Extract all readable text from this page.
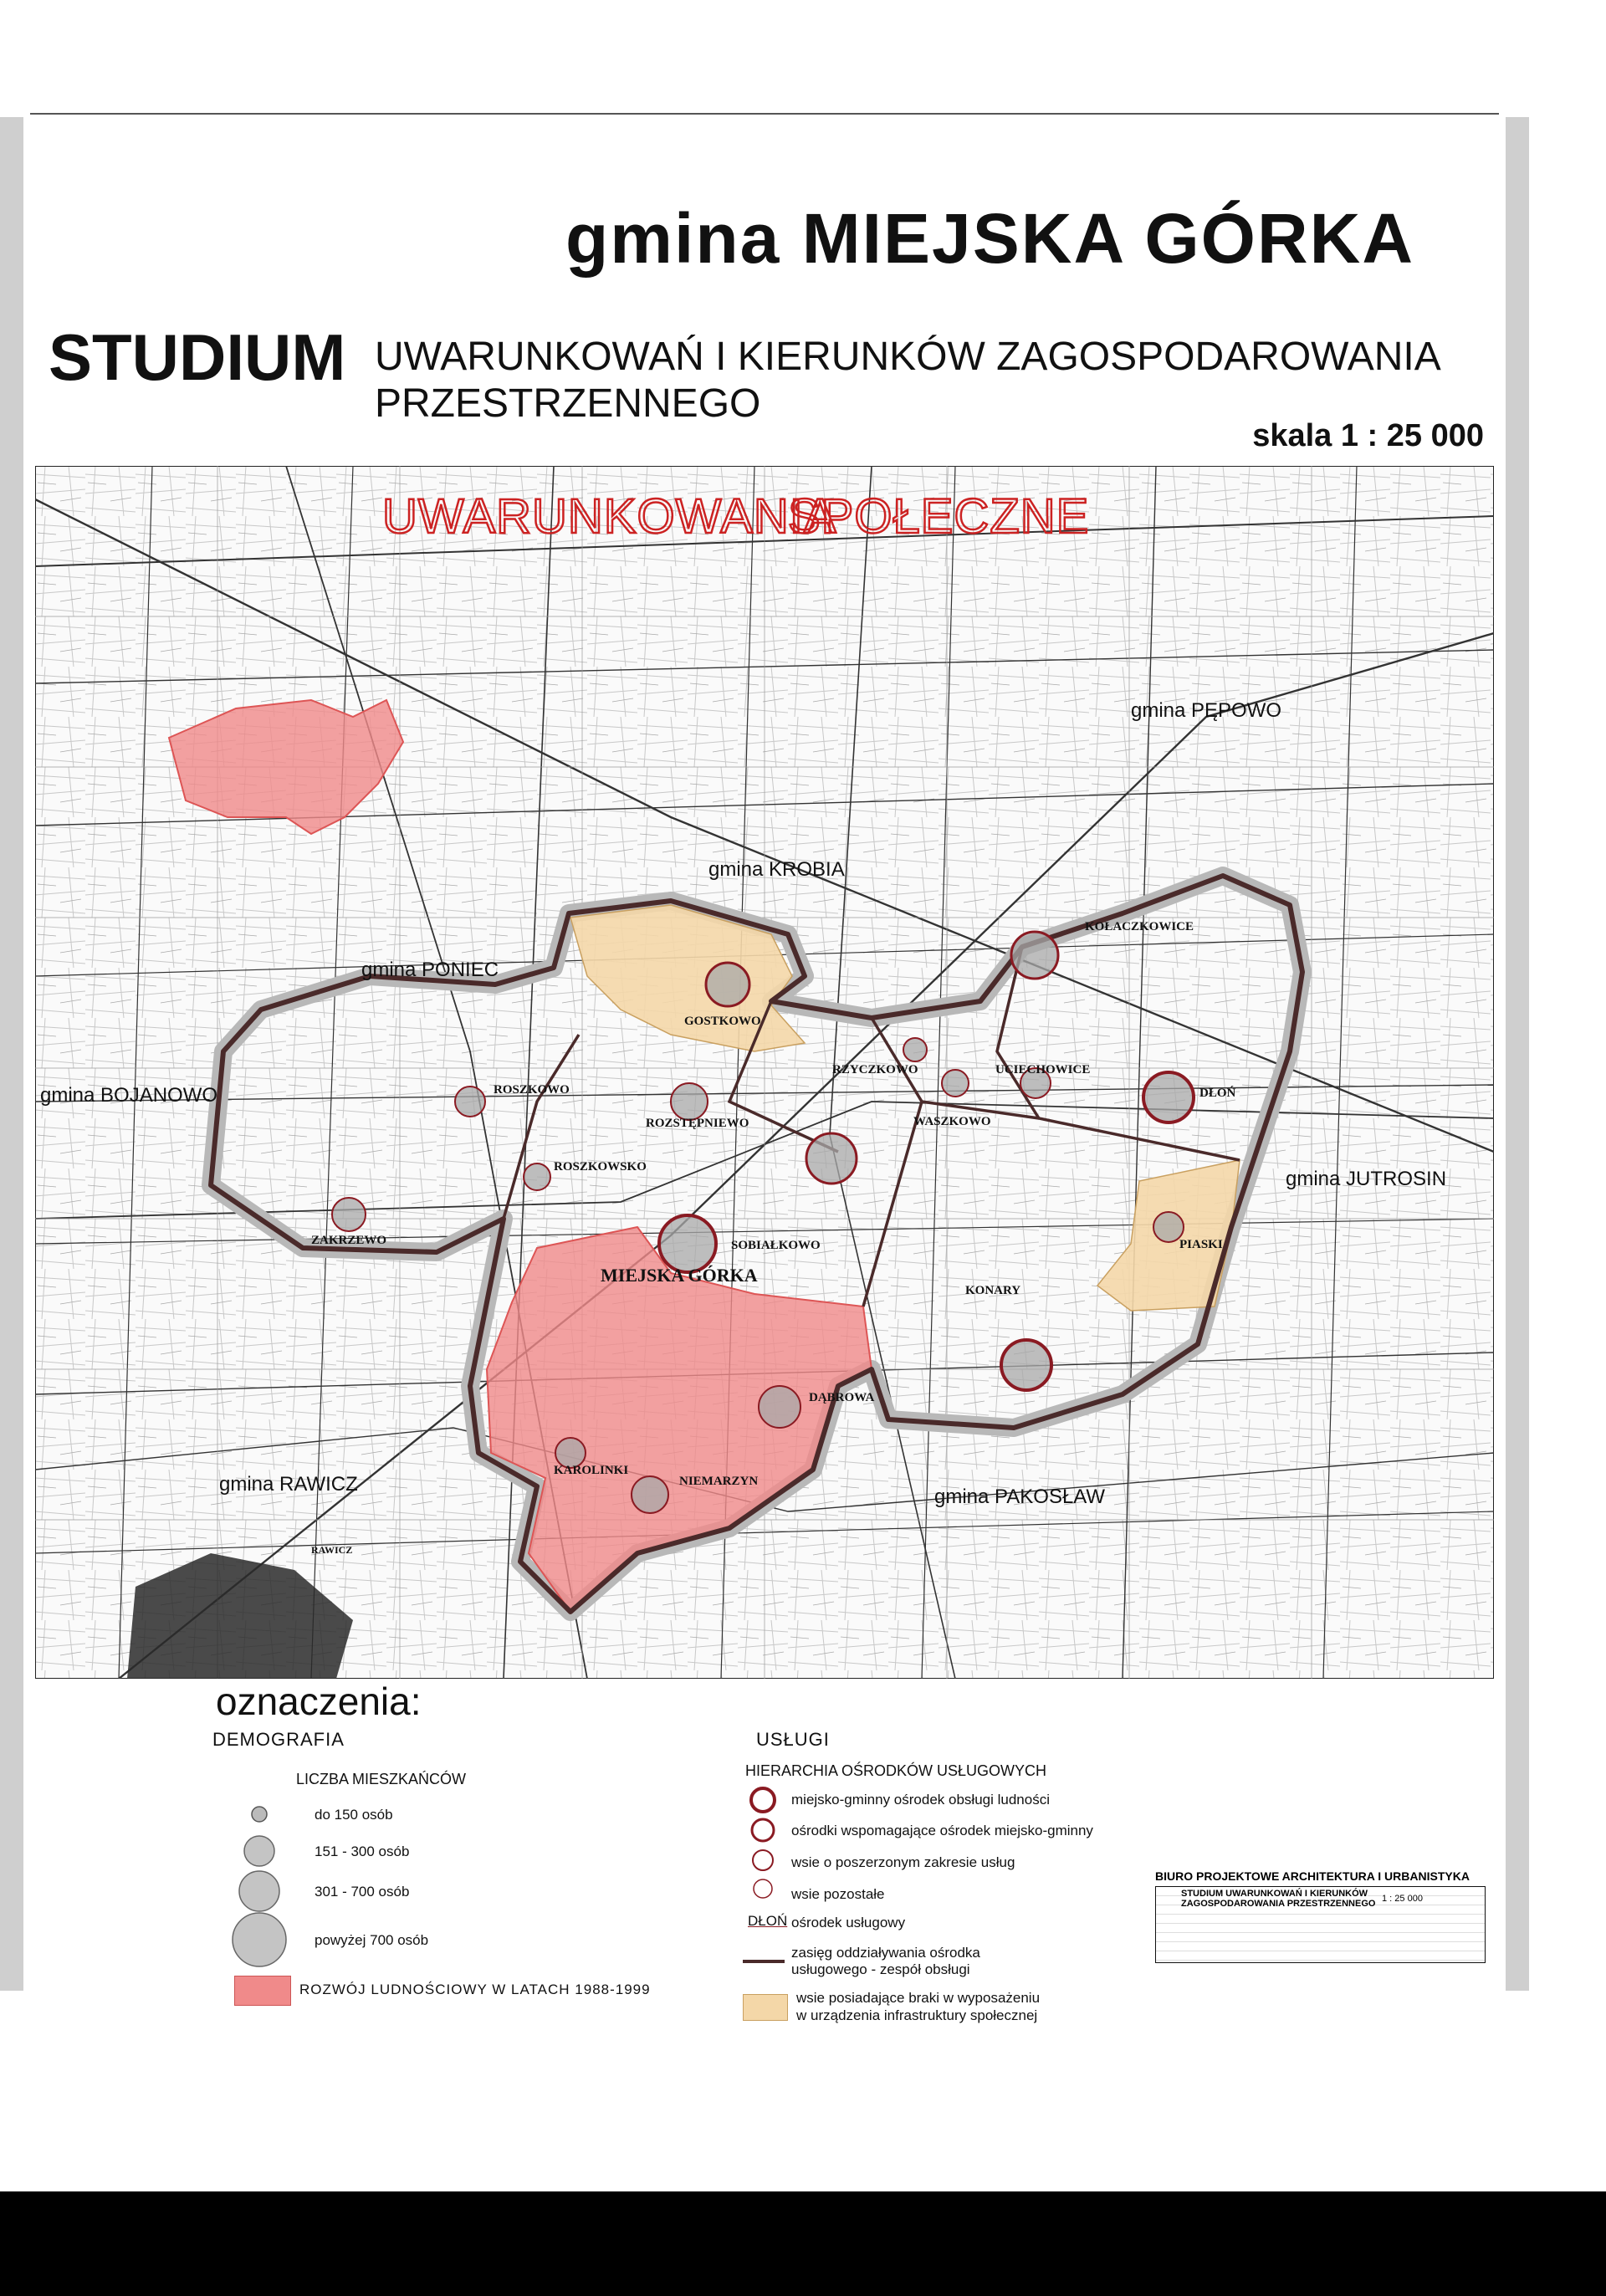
gmina MIEJSKA GÓRKA
STUDIUM UWARUNKOWAŃ I KIERUNKÓW ZAGOSPODAROWANIA
PRZESTRZENNEGO
skala 1 : 25 000
RAWICZ
UWARUNKOWANIA
SPOŁECZNE
gmina PĘPOWO
gmina KROBIA
gmina PONIEC
gmina BOJANOWO
gmina JUTROSIN
gmina RAWICZ
gmina PAKOSŁAW
KOŁACZKOWICE
GOSTKOWO
RZYCZKOWO	UCIECHOWICE
DŁOŃ
ROSZKOWO
ROZSTĘPNIEWO	WASZKOWO
ROSZKOWSKO
ZAKRZEWO	SOBIAŁKOWO	PIASKI
MIEJSKA GÓRKA
KONARY
DĄBROWA
KAROLINKI
NIEMARZYN
oznaczenia:
DEMOGRAFIA
LICZBA MIESZKAŃCÓW
do 150 osób
151 - 300 osób
301 - 700 osób
powyżej 700 osób
ROZWÓJ LUDNOŚCIOWY W LATACH 1988-1999
USŁUGI
HIERARCHIA OŚRODKÓW USŁUGOWYCH
miejsko-gminny ośrodek obsługi ludności
ośrodki wspomagające ośrodek miejsko-gminny
wsie o poszerzonym zakresie usług
wsie pozostałe
DŁOŃ ośrodek usługowy
zasięg oddziaływania ośrodka
usługowego - zespół obsługi
wsie posiadające braki w wyposażeniu
w urządzenia infrastruktury społecznej
BIURO PROJEKTOWE ARCHITEKTURA I URBANISTYKA
STUDIUM UWARUNKOWAŃ I KIERUNKÓW
ZAGOSPODAROWANIA PRZESTRZENNEGO 1 : 25 000
